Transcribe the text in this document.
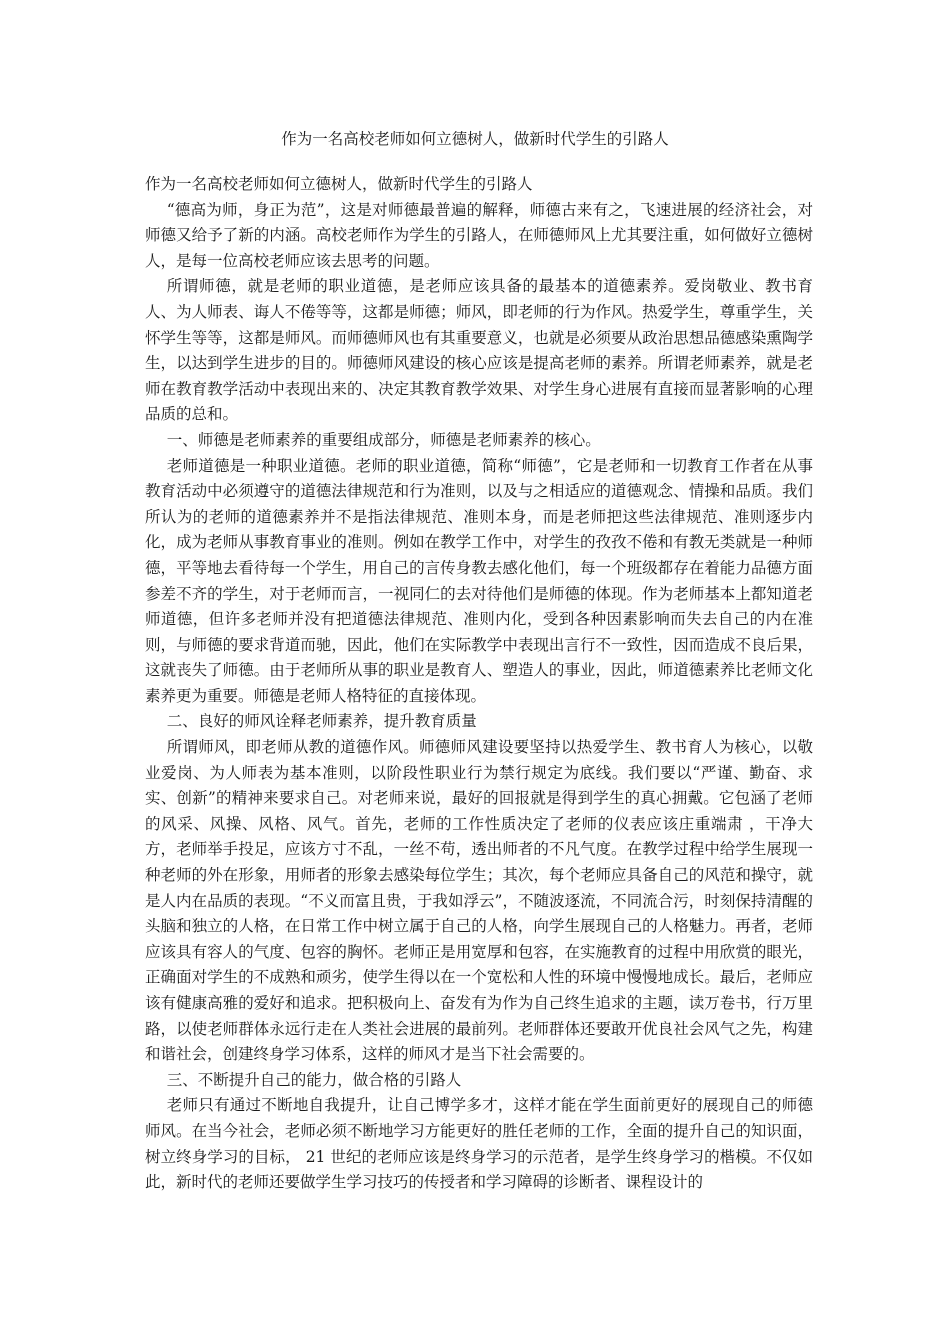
作为一名高校老师如何立德树人，做新时代学生的引路人

作为一名高校老师如何立德树人，做新时代学生的引路人

“德高为师，身正为范”，这是对师德最普遍的解释，师德古来有之，飞速进展的经济社会，对师德又给予了新的内涵。高校老师作为学生的引路人，在师德师风上尤其要注重，如何做好立德树人，是每一位高校老师应该去思考的问题。

所谓师德，就是老师的职业道德，是老师应该具备的最基本的道德素养。爱岗敬业、教书育人、为人师表、诲人不倦等等，这都是师德；师风，即老师的行为作风。热爱学生，尊重学生，关怀学生等等，这都是师风。而师德师风也有其重要意义，也就是必须要从政治思想品德感染熏陶学生，以达到学生进步的目的。师德师风建设的核心应该是提高老师的素养。所谓老师素养，就是老师在教育教学活动中表现出来的、决定其教育教学效果、对学生身心进展有直接而显著影响的心理品质的总和。

一、师德是老师素养的重要组成部分，师德是老师素养的核心。

老师道德是一种职业道德。老师的职业道德，简称“师德”，它是老师和一切教育工作者在从事教育活动中必须遵守的道德法律规范和行为准则，以及与之相适应的道德观念、情操和品质。我们所认为的老师的道德素养并不是指法律规范、准则本身，而是老师把这些法律规范、准则逐步内化，成为老师从事教育事业的准则。例如在教学工作中，对学生的孜孜不倦和有教无类就是一种师德，平等地去看待每一个学生，用自己的言传身教去感化他们，每一个班级都存在着能力品德方面参差不齐的学生，对于老师而言，一视同仁的去对待他们是师德的体现。作为老师基本上都知道老师道德，但许多老师并没有把道德法律规范、准则内化，受到各种因素影响而失去自己的内在准则，与师德的要求背道而驰，因此，他们在实际教学中表现出言行不一致性，因而造成不良后果，这就丧失了师德。由于老师所从事的职业是教育人、塑造人的事业，因此，师道德素养比老师文化素养更为重要。师德是老师人格特征的直接体现。

二、良好的师风诠释老师素养，提升教育质量

所谓师风，即老师从教的道德作风。师德师风建设要坚持以热爱学生、教书育人为核心，以敬业爱岗、为人师表为基本准则，以阶段性职业行为禁行规定为底线。我们要以“严谨、勤奋、求实、创新”的精神来要求自己。对老师来说，最好的回报就是得到学生的真心拥戴。它包涵了老师的风采、风操、风格、风气。首先，老师的工作性质决定了老师的仪表应该庄重端肃 ，干净大方，老师举手投足，应该方寸不乱，一丝不苟，透出师者的不凡气度。在教学过程中给学生展现一种老师的外在形象，用师者的形象去感染每位学生；其次，每个老师应具备自己的风范和操守，就是人内在品质的表现。“不义而富且贵，于我如浮云”，不随波逐流，不同流合污，时刻保持清醒的头脑和独立的人格，在日常工作中树立属于自己的人格，向学生展现自己的人格魅力。再者，老师应该具有容人的气度、包容的胸怀。老师正是用宽厚和包容，在实施教育的过程中用欣赏的眼光，正确面对学生的不成熟和顽劣，使学生得以在一个宽松和人性的环境中慢慢地成长。最后，老师应该有健康高雅的爱好和追求。把积极向上、奋发有为作为自己终生追求的主题，读万卷书，行万里路，以使老师群体永远行走在人类社会进展的最前列。老师群体还要敢开优良社会风气之先，构建和谐社会，创建终身学习体系，这样的师风才是当下社会需要的。

三、不断提升自己的能力，做合格的引路人

老师只有通过不断地自我提升，让自己博学多才，这样才能在学生面前更好的展现自己的师德师风。在当今社会，老师必须不断地学习方能更好的胜任老师的工作，全面的提升自己的知识面，树立终身学习的目标， 21 世纪的老师应该是终身学习的示范者，是学生终身学习的楷模。不仅如此，新时代的老师还要做学生学习技巧的传授者和学习障碍的诊断者、课程设计的
